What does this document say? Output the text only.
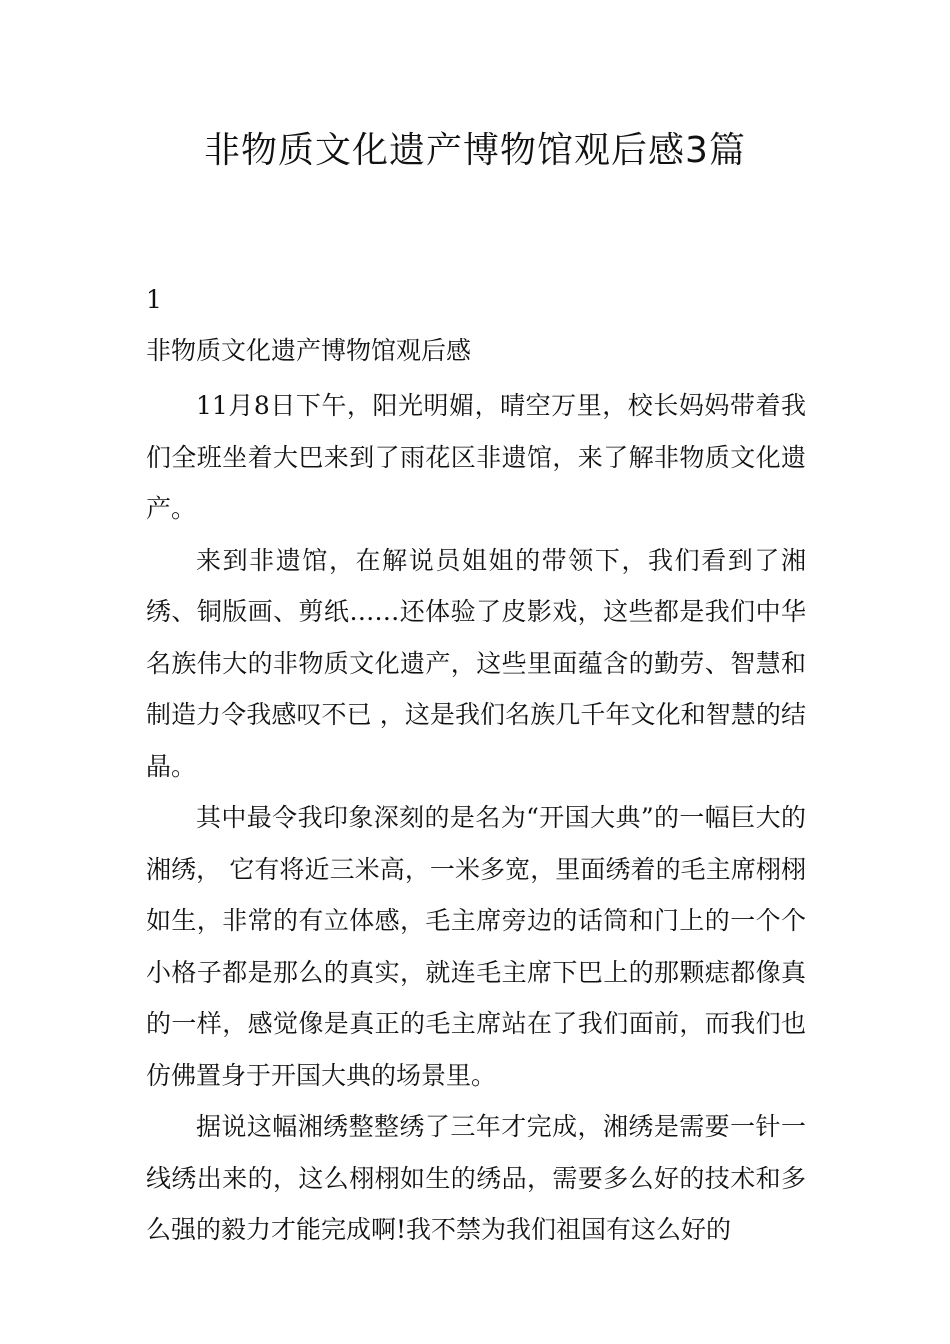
非物质文化遗产博物馆观后感3篇

1

非物质文化遗产博物馆观后感

11月8日下午，阳光明媚，晴空万里，校长妈妈带着我们全班坐着大巴来到了雨花区非遗馆，来了解非物质文化遗产。

来到非遗馆，在解说员姐姐的带领下，我们看到了湘绣、铜版画、剪纸……还体验了皮影戏，这些都是我们中华名族伟大的非物质文化遗产，这些里面蕴含的勤劳、智慧和制造力令我感叹不已 ，这是我们名族几千年文化和智慧的结晶。

其中最令我印象深刻的是名为“开国大典”的一幅巨大的湘绣， 它有将近三米高，一米多宽，里面绣着的毛主席栩栩如生，非常的有立体感，毛主席旁边的话筒和门上的一个个小格子都是那么的真实，就连毛主席下巴上的那颗痣都像真的一样，感觉像是真正的毛主席站在了我们面前，而我们也仿佛置身于开国大典的场景里。

据说这幅湘绣整整绣了三年才完成，湘绣是需要一针一线绣出来的，这么栩栩如生的绣品，需要多么好的技术和多么强的毅力才能完成啊!我不禁为我们祖国有这么好的
